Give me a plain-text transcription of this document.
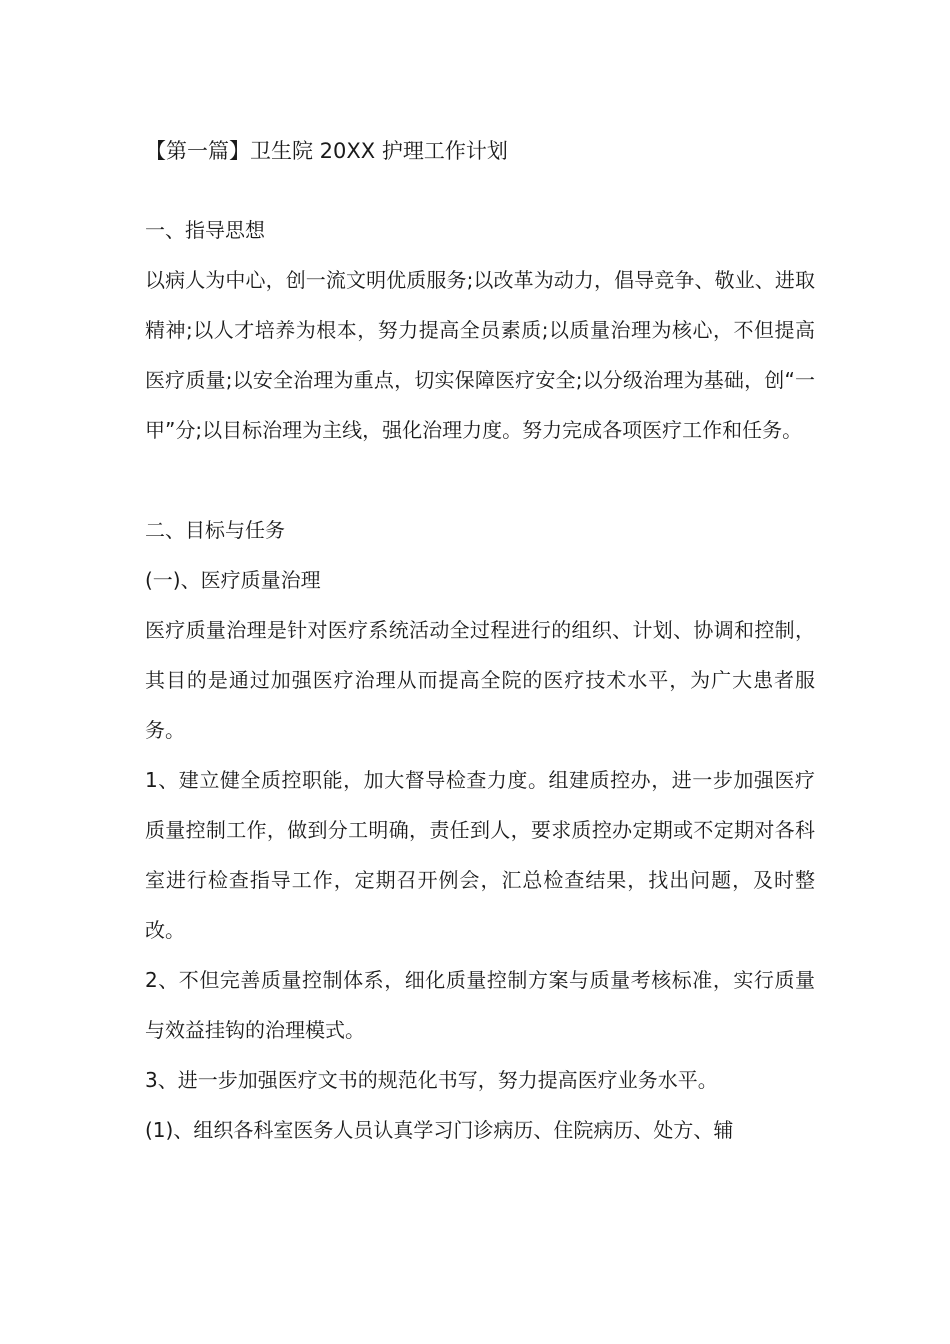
【第一篇】卫生院 20XX 护理工作计划

一、指导思想

以病人为中心，创一流文明优质服务;以改革为动力，倡导竞争、敬业、进取精神;以人才培养为根本，努力提高全员素质;以质量治理为核心，不但提高医疗质量;以安全治理为重点，切实保障医疗安全;以分级治理为基础，创“一甲”分;以目标治理为主线，强化治理力度。努力完成各项医疗工作和任务。

二、目标与任务

(一)、医疗质量治理

医疗质量治理是针对医疗系统活动全过程进行的组织、计划、协调和控制，其目的是通过加强医疗治理从而提高全院的医疗技术水平，为广大患者服务。

1、建立健全质控职能，加大督导检查力度。组建质控办，进一步加强医疗质量控制工作，做到分工明确，责任到人，要求质控办定期或不定期对各科室进行检查指导工作，定期召开例会，汇总检查结果，找出问题，及时整改。

2、不但完善质量控制体系，细化质量控制方案与质量考核标准，实行质量与效益挂钩的治理模式。

3、进一步加强医疗文书的规范化书写，努力提高医疗业务水平。

(1)、组织各科室医务人员认真学习门诊病历、住院病历、处方、辅
